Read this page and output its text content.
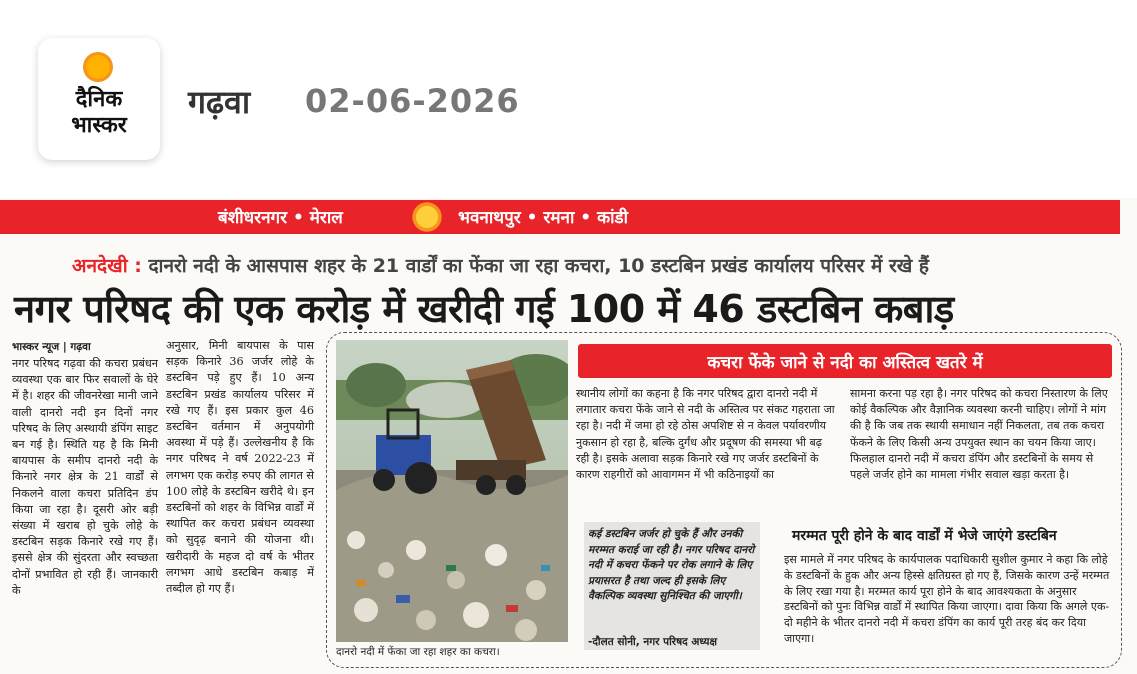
दैनिक
भास्कर
गढ़वा 02-06-2026
बंशीधरनगर • मेराल	भवनाथपुर • रमना • कांडी
अनदेखी : दानरो नदी के आसपास शहर के 21 वार्डों का फेंका जा रहा कचरा, 10 डस्टबिन प्रखंड कार्यालय परिसर में रखे हैं
नगर परिषद की एक करोड़ में खरीदी गई 100 में 46 डस्टबिन कबाड़
भास्कर न्यूज | गढ़वा
नगर परिषद गढ़वा की कचरा प्रबंधन व्यवस्था एक बार फिर सवालों के घेरे में है। शहर की जीवनरेखा मानी जाने वाली दानरो नदी इन दिनों नगर परिषद के लिए अस्थायी डंपिंग साइट बन गई है। स्थिति यह है कि मिनी बायपास के समीप दानरो नदी के किनारे नगर क्षेत्र के 21 वार्डों से निकलने वाला कचरा प्रतिदिन डंप किया जा रहा है। दूसरी ओर बड़ी संख्या में खराब हो चुके लोहे के डस्टबिन सड़क किनारे रखे गए हैं। इससे क्षेत्र की सुंदरता और स्वच्छता दोनों प्रभावित हो रही हैं। जानकारी के
अनुसार, मिनी बायपास के पास सड़क किनारे 36 जर्जर लोहे के डस्टबिन पड़े हुए हैं। 10 अन्य डस्टबिन प्रखंड कार्यालय परिसर में रखे गए हैं। इस प्रकार कुल 46 डस्टबिन वर्तमान में अनुपयोगी अवस्था में पड़े हैं। उल्लेखनीय है कि नगर परिषद ने वर्ष 2022-23 में लगभग एक करोड़ रुपए की लागत से 100 लोहे के डस्टबिन खरीदे थे। इन डस्टबिनों को शहर के विभिन्न वार्डों में स्थापित कर कचरा प्रबंधन व्यवस्था को सुदृढ़ बनाने की योजना थी। खरीदारी के महज दो वर्ष के भीतर लगभग आधे डस्टबिन कबाड़ में तब्दील हो गए हैं।
दानरो नदी में फेंका जा रहा शहर का कचरा।
कचरा फेंके जाने से नदी का अस्तित्व खतरे में
स्थानीय लोगों का कहना है कि नगर परिषद द्वारा दानरो नदी में लगातार कचरा फेंके जाने से नदी के अस्तित्व पर संकट गहराता जा रहा है। नदी में जमा हो रहे ठोस अपशिष्ट से न केवल पर्यावरणीय नुकसान हो रहा है, बल्कि दुर्गंध और प्रदूषण की समस्या भी बढ़ रही है। इसके अलावा सड़क किनारे रखे गए जर्जर डस्टबिनों के कारण राहगीरों को आवागमन में भी कठिनाइयों का
सामना करना पड़ रहा है। नगर परिषद को कचरा निस्तारण के लिए कोई वैकल्पिक और वैज्ञानिक व्यवस्था करनी चाहिए। लोगों ने मांग की है कि जब तक स्थायी समाधान नहीं निकलता, तब तक कचरा फेंकने के लिए किसी अन्य उपयुक्त स्थान का चयन किया जाए। फिलहाल दानरो नदी में कचरा डंपिंग और डस्टबिनों के समय से पहले जर्जर होने का मामला गंभीर सवाल खड़ा करता है।
कई डस्टबिन जर्जर हो चुके हैं और उनकी मरम्मत कराई जा रही है। नगर परिषद दानरो नदी में कचरा फेंकने पर रोक लगाने के लिए प्रयासरत है तथा जल्द ही इसके लिए वैकल्पिक व्यवस्था सुनिश्चित की जाएगी।
-दौलत सोनी, नगर परिषद अध्यक्ष
मरम्मत पूरी होने के बाद वार्डों में भेजे जाएंगे डस्टबिन
इस मामले में नगर परिषद के कार्यपालक पदाधिकारी सुशील कुमार ने कहा कि लोहे के डस्टबिनों के हुक और अन्य हिस्से क्षतिग्रस्त हो गए हैं, जिसके कारण उन्हें मरम्मत के लिए रखा गया है। मरम्मत कार्य पूरा होने के बाद आवश्यकता के अनुसार डस्टबिनों को पुनः विभिन्न वार्डों में स्थापित किया जाएगा। दावा किया कि अगले एक-दो महीने के भीतर दानरो नदी में कचरा डंपिंग का कार्य पूरी तरह बंद कर दिया जाएगा।
